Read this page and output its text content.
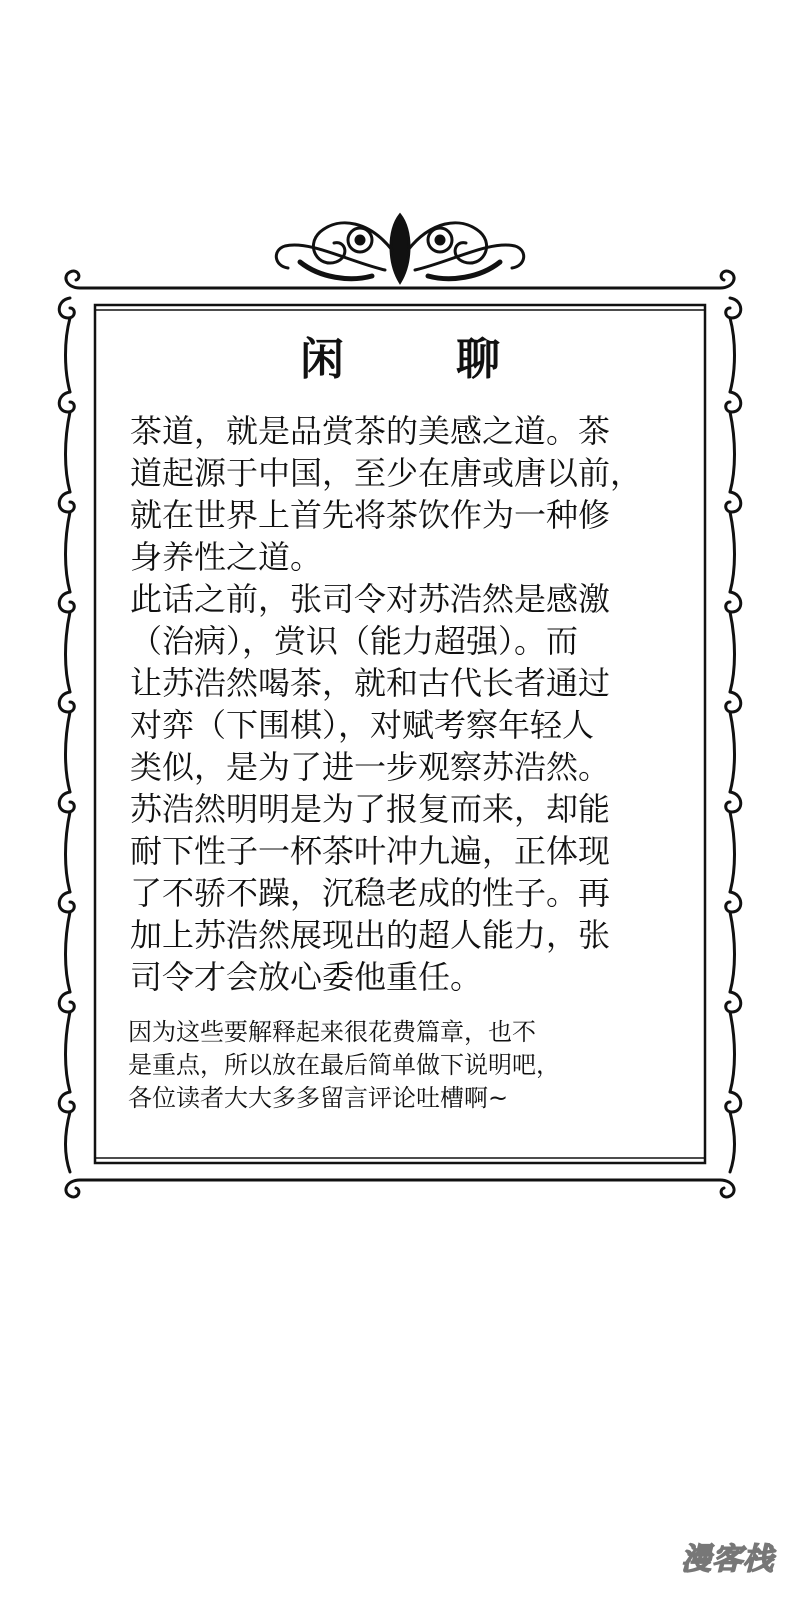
闲	聊

茶道，就是品赏茶的美感之道。茶

道起源于中国，至少在唐或唐以前，

就在世界上首先将茶饮作为一种修

身养性之道。

此话之前，张司令对苏浩然是感激

（治病），赏识（能力超强）。而

让苏浩然喝茶，就和古代长者通过

对弈（下围棋），对赋考察年轻人

类似，是为了进一步观察苏浩然。

苏浩然明明是为了报复而来，却能

耐下性子一杯茶叶冲九遍，正体现

了不骄不躁，沉稳老成的性子。再

加上苏浩然展现出的超人能力，张

司令才会放心委他重任。

因为这些要解释起来很花费篇章，也不

是重点，所以放在最后简单做下说明吧，

各位读者大大多多留言评论吐槽啊~

漫客栈
